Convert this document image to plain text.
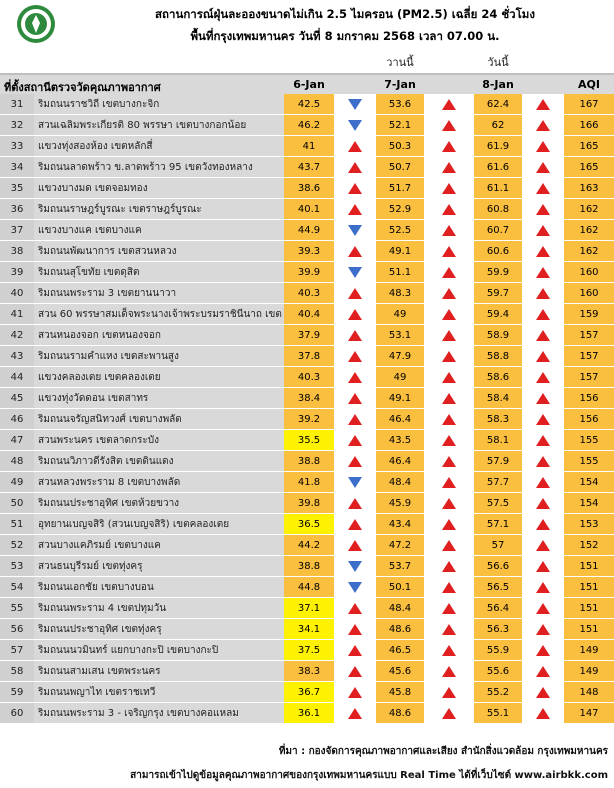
สถานการณ์ฝุ่นละอองขนาดไม่เกิน 2.5 ไมครอน (PM2.5) เฉลี่ย 24 ชั่วโมง
พื้นที่กรุงเทพมหานคร วันที่ 8 มกราคม 2568 เวลา 07.00 น.
วานนี้	วันนี้
ที่ตั้งสถานีตรวจวัดคุณภาพอากาศ	6-Jan	7-Jan	8-Jan	AQI
31	ริมถนนราชวิถี เขตบางกะจิก	42.5	53.6	62.4	167
32	สวนเฉลิมพระเกียรติ 80 พรรษา เขตบางกอกน้อย	46.2	52.1	62	166
33	แขวงทุ่งสองห้อง เขตหลักสี่	41	50.3	61.9	165
34	ริมถนนลาดพร้าว ข.ลาดพร้าว 95 เขตวังทองหลาง	43.7	50.7	61.6	165
35	แขวงบางมด เขตจอมทอง	38.6	51.7	61.1	163
36	ริมถนนราษฎร์บูรณะ เขตราษฎร์บูรณะ	40.1	52.9	60.8	162
37	แขวงบางแค เขตบางแค	44.9	52.5	60.7	162
38	ริมถนนพัฒนาการ เขตสวนหลวง	39.3	49.1	60.6	162
39	ริมถนนสุโขทัย เขตดุสิต	39.9	51.1	59.9	160
40	ริมถนนพระราม 3 เขตยานนาวา	40.3	48.3	59.7	160
41	สวน 60 พรรษาสมเด็จพระนางเจ้าพระบรมราชินีนาถ เขต	40.4	49	59.4	159
42	สวนหนองจอก เขตหนองจอก	37.9	53.1	58.9	157
43	ริมถนนรามคำแหง เขตสะพานสูง	37.8	47.9	58.8	157
44	แขวงคลองเตย เขตคลองเตย	40.3	49	58.6	157
45	แขวงทุ่งวัดดอน เขตสาทร	38.4	49.1	58.4	156
46	ริมถนนจรัญสนิทวงศ์ เขตบางพลัด	39.2	46.4	58.3	156
47	สวนพระนคร เขตลาดกระบัง	35.5	43.5	58.1	155
48	ริมถนนวิภาวดีรังสิต เขตดินแดง	38.8	46.4	57.9	155
49	สวนหลวงพระราม 8 เขตบางพลัด	41.8	48.4	57.7	154
50	ริมถนนประชาอุทิศ เขตห้วยขวาง	39.8	45.9	57.5	154
51	อุทยานเบญจสิริ (สวนเบญจสิริ) เขตคลองเตย	36.5	43.4	57.1	153
52	สวนบางแคภิรมย์ เขตบางแค	44.2	47.2	57	152
53	สวนธนบุรีรมย์ เขตทุ่งครุ	38.8	53.7	56.6	151
54	ริมถนนเอกชัย เขตบางบอน	44.8	50.1	56.5	151
55	ริมถนนพระราม 4 เขตปทุมวัน	37.1	48.4	56.4	151
56	ริมถนนประชาอุทิศ เขตทุ่งครุ	34.1	48.6	56.3	151
57	ริมถนนนวมินทร์ แยกบางกะปิ เขตบางกะปิ	37.5	46.5	55.9	149
58	ริมถนนสามเสน เขตพระนคร	38.3	45.6	55.6	149
59	ริมถนนพญาไท เขตราชเทวี	36.7	45.8	55.2	148
60	ริมถนนพระราม 3 - เจริญกรุง เขตบางคอแหลม	36.1	48.6	55.1	147
ที่มา : กองจัดการคุณภาพอากาศและเสียง สำนักสิ่งแวดล้อม กรุงเทพมหานคร
สามารถเข้าไปดูข้อมูลคุณภาพอากาศของกรุงเทพมหานครแบบ Real Time ได้ที่เว็บไซต์ www.airbkk.com
